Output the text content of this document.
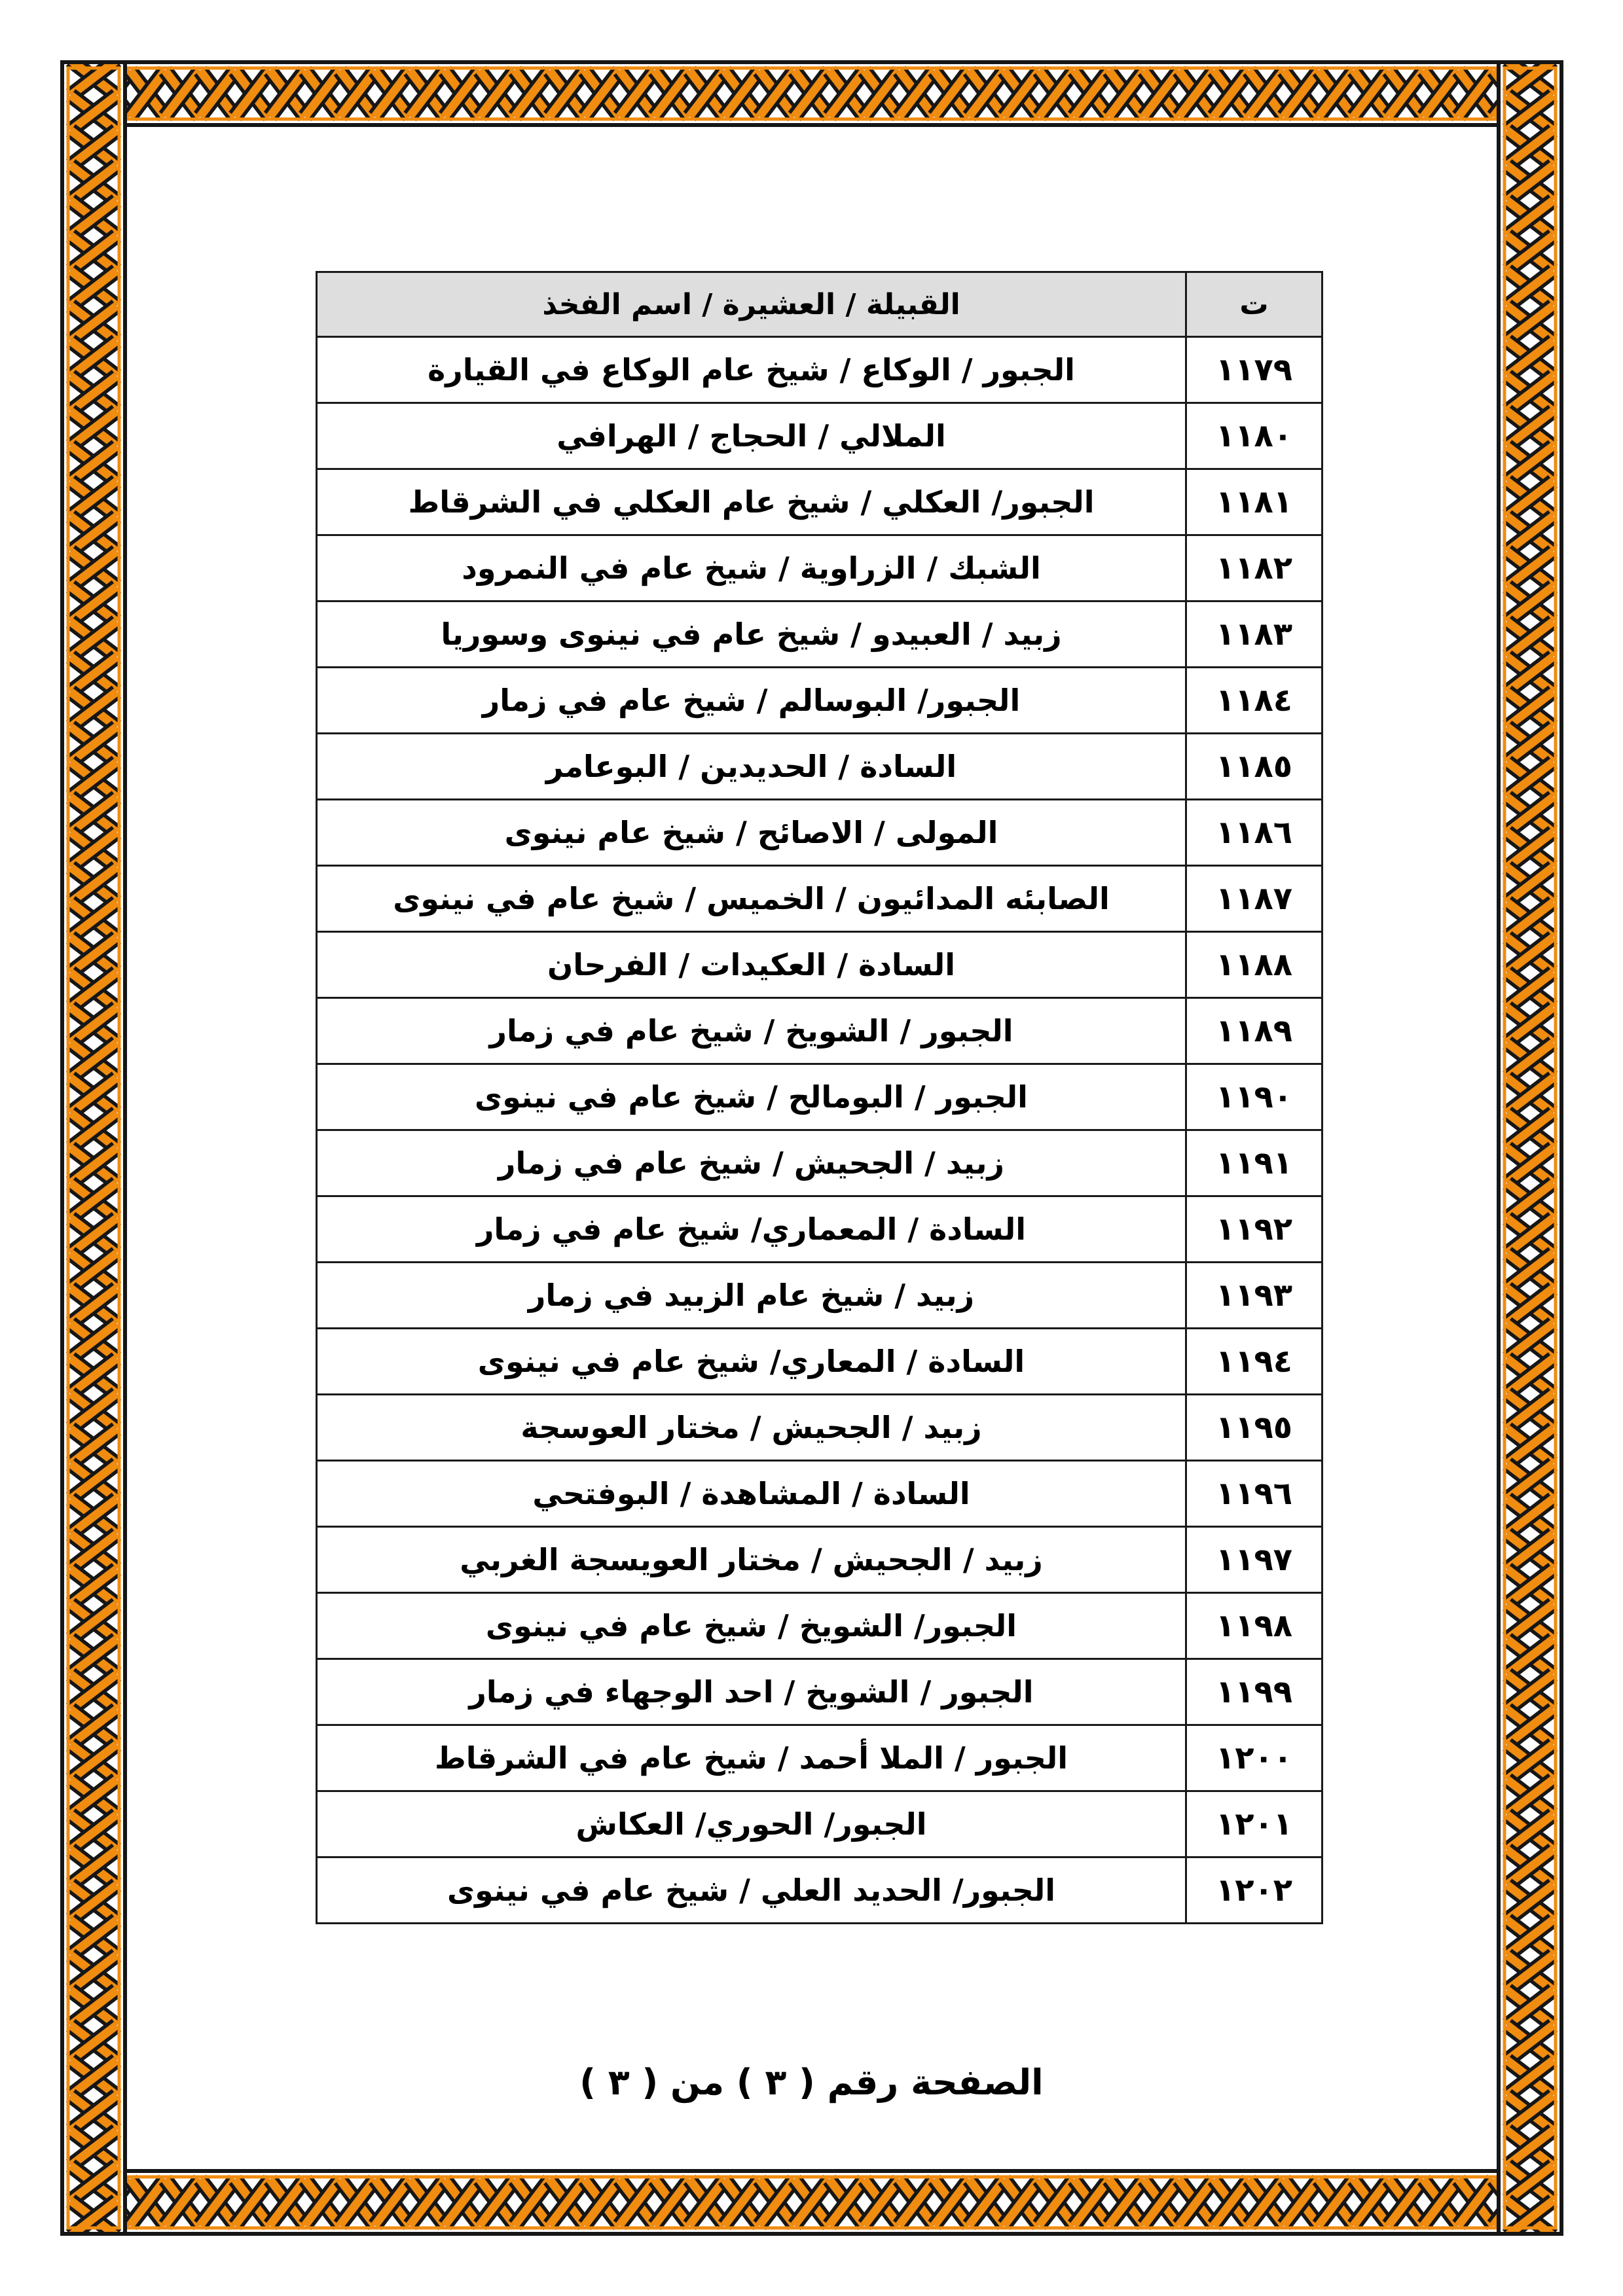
القبيلة / العشيرة / اسم الفخذ	ت
الجبور / الوكاع / شيخ عام الوكاع في القيارة	١١٧٩
الملالي / الحجاج / الهرافي	١١٨٠
الجبور/ العكلي / شيخ عام العكلي في الشرقاط	١١٨١
الشبك / الزراوية / شيخ عام في النمرود	١١٨٢
زبيد / العبيدو / شيخ عام في نينوى وسوريا	١١٨٣
الجبور/ البوسالم / شيخ عام في زمار	١١٨٤
السادة / الحديدين / البوعامر	١١٨٥
المولى / الاصائح / شيخ عام نينوى	١١٨٦
الصابئه المدائيون / الخميس / شيخ عام في نينوى	١١٨٧
السادة / العكيدات / الفرحان	١١٨٨
الجبور / الشويخ / شيخ عام في زمار	١١٨٩
الجبور / البومالح / شيخ عام في نينوى	١١٩٠
زبيد / الجحيش / شيخ عام في زمار	١١٩١
السادة / المعماري/ شيخ عام في زمار	١١٩٢
زبيد / شيخ عام الزبيد في زمار	١١٩٣
السادة / المعاري/ شيخ عام في نينوى	١١٩٤
زبيد / الجحيش / مختار العوسجة	١١٩٥
السادة / المشاهدة / البوفتحي	١١٩٦
زبيد / الجحيش / مختار العويسجة الغربي	١١٩٧
الجبور/ الشويخ / شيخ عام في نينوى	١١٩٨
الجبور / الشويخ / احد الوجهاء في زمار	١١٩٩
الجبور / الملا أحمد / شيخ عام في الشرقاط	١٢٠٠
الجبور/ الحوري/ العكاش	١٢٠١
الجبور/ الحديد العلي / شيخ عام في نينوى	١٢٠٢
الصفحة رقم ( ٣ ) من ( ٣ )
